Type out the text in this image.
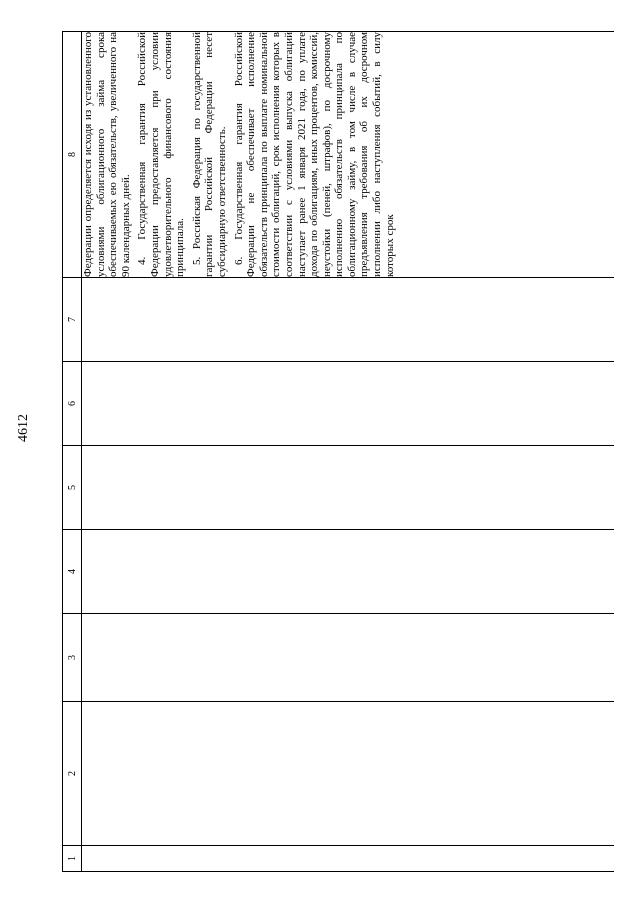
4612
1	2	3	4	5	6	7	8

							Федерации определяется исходя из установленного условиями облигационного займа срока обеспечиваемых ею обязательств, увеличенного на 90 календарных дней. 4. Государственная гарантия Российской Федерации предоставляется при условии удовлетворительного финансового состояния принципала. 5. Российская Федерация по государственной гарантии Российской Федерации несет субсидиарную ответственность. 6. Государственная гарантия Российской Федерации не обеспечивает исполнение обязательств принципала по выплате номинальной стоимости облигаций, срок исполнения которых в соответствии с условиями выпуска облигаций наступает ранее 1 января 2021 года, по уплате дохода по облигациям, иных процентов, комиссий, неустойки (пеней, штрафов), по досрочному исполнению обязательств принципала по облигационному займу, в том числе в случае предъявления требования об их досрочном исполнении либо наступления событий, в силу которых срок
